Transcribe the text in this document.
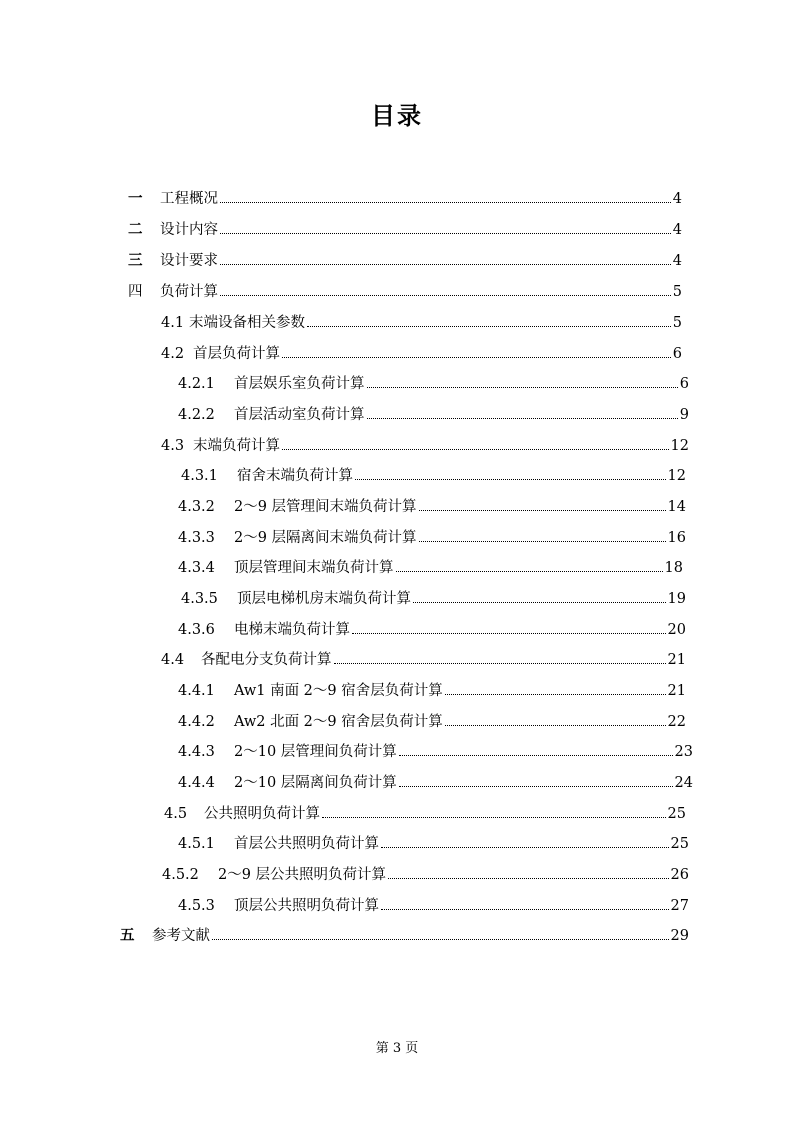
目录
一	工程概况	4
二	设计内容	4
三	设计要求	4
四	负荷计算	5
4.1 末端设备相关参数	5
4.2 首层负荷计算	6
4.2.1	首层娱乐室负荷计算	6
4.2.2	首层活动室负荷计算	9
4.3 末端负荷计算	12
4.3.1	宿舍末端负荷计算	12
4.3.2	2～9 层管理间末端负荷计算	14
4.3.3	2～9 层隔离间末端负荷计算	16
4.3.4	顶层管理间末端负荷计算	18
4.3.5	顶层电梯机房末端负荷计算	19
4.3.6	电梯末端负荷计算	20
4.4	各配电分支负荷计算	21
4.4.1	Aw1 南面 2～9 宿舍层负荷计算	21
4.4.2	Aw2 北面 2～9 宿舍层负荷计算	22
4.4.3	2～10 层管理间负荷计算	23
4.4.4	2～10 层隔离间负荷计算	24
4.5	公共照明负荷计算	25
4.5.1	首层公共照明负荷计算	25
4.5.2	2～9 层公共照明负荷计算	26
4.5.3	顶层公共照明负荷计算	27
五	参考文献	29
第 3 页
